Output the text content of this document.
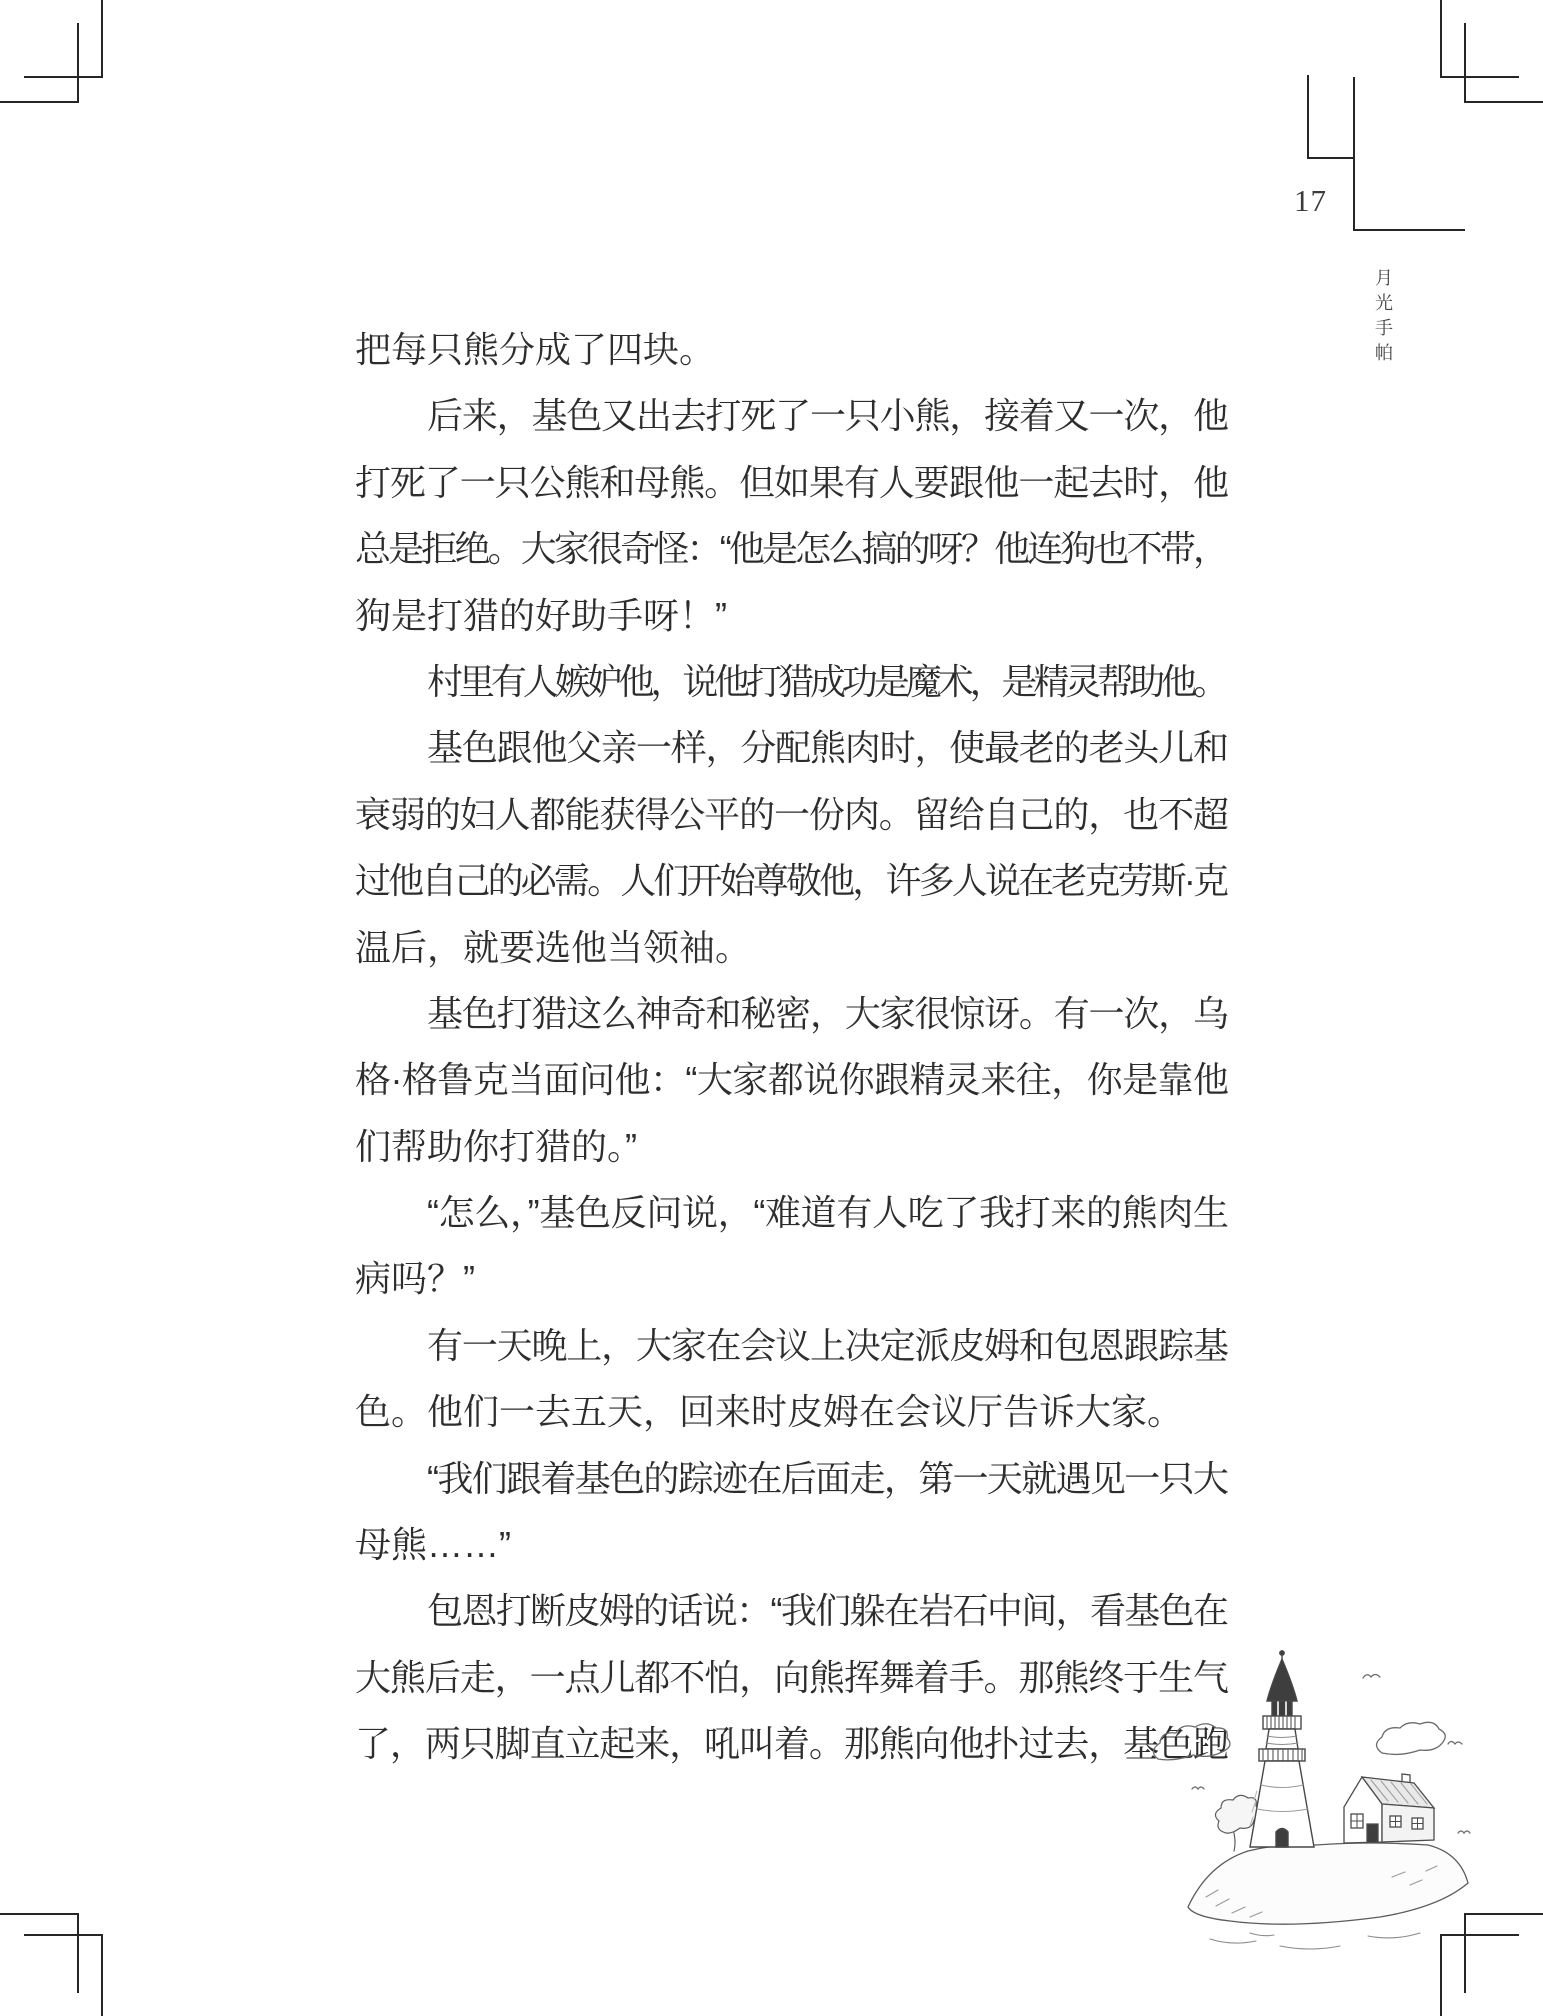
17
月光手帕
把每只熊分成了四块。
后来，基色又出去打死了一只小熊，接着又一次，他
打死了一只公熊和母熊。但如果有人要跟他一起去时，他
总是拒绝。大家很奇怪：“他是怎么搞的呀？他连狗也不带，
狗是打猎的好助手呀！”
村里有人嫉妒他，说他打猎成功是魔术，是精灵帮助他。
基色跟他父亲一样，分配熊肉时，使最老的老头儿和
衰弱的妇人都能获得公平的一份肉。留给自己的，也不超
过他自己的必需。人们开始尊敬他，许多人说在老克劳斯·克
温后，就要选他当领袖。
基色打猎这么神奇和秘密，大家很惊讶。有一次，乌
格·格鲁克当面问他：“大家都说你跟精灵来往，你是靠他
们帮助你打猎的。”
“怎么，”基色反问说，“难道有人吃了我打来的熊肉生
病吗？”
有一天晚上，大家在会议上决定派皮姆和包恩跟踪基
色。他们一去五天，回来时皮姆在会议厅告诉大家。
“我们跟着基色的踪迹在后面走，第一天就遇见一只大
母熊……”
包恩打断皮姆的话说：“我们躲在岩石中间，看基色在
大熊后走，一点儿都不怕，向熊挥舞着手。那熊终于生气
了，两只脚直立起来，吼叫着。那熊向他扑过去，基色跑
